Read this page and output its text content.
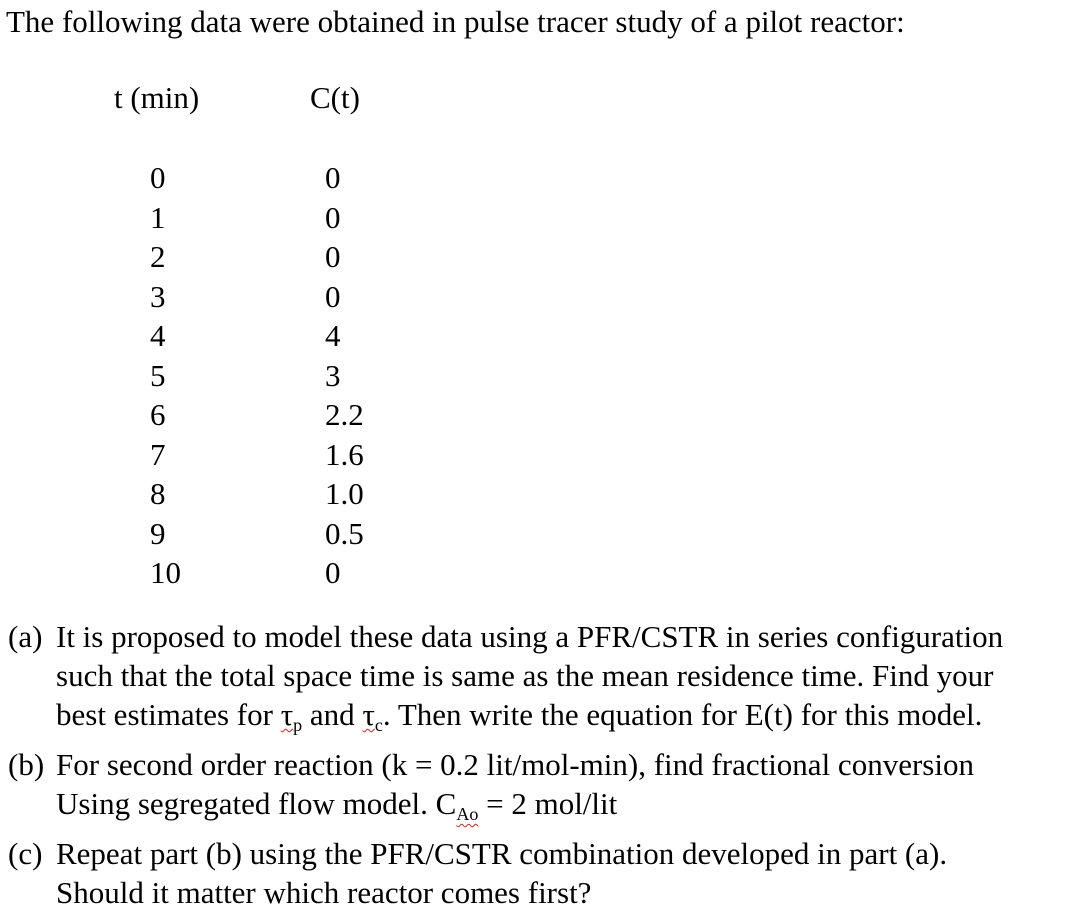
The following data were obtained in pulse tracer study of a pilot reactor:
t (min)	C(t)
0
1
2
3
4
5
6
7
8
9
10
0
0
0
0
4
3
2.2
1.6
1.0
0.5
0
(a) It is proposed to model these data using a PFR/CSTR in series configuration
such that the total space time is same as the mean residence time. Find your
best estimates for $\tau_p$ and $\tau_c$. Then write the equation for E(t) for this model.
(b) For second order reaction (k = 0.2 lit/mol-min), find fractional conversion
Using segregated flow model. $C_{Ao} = 2$ mol/lit
(c) Repeat part (b) using the PFR/CSTR combination developed in part (a).
Should it matter which reactor comes first?
